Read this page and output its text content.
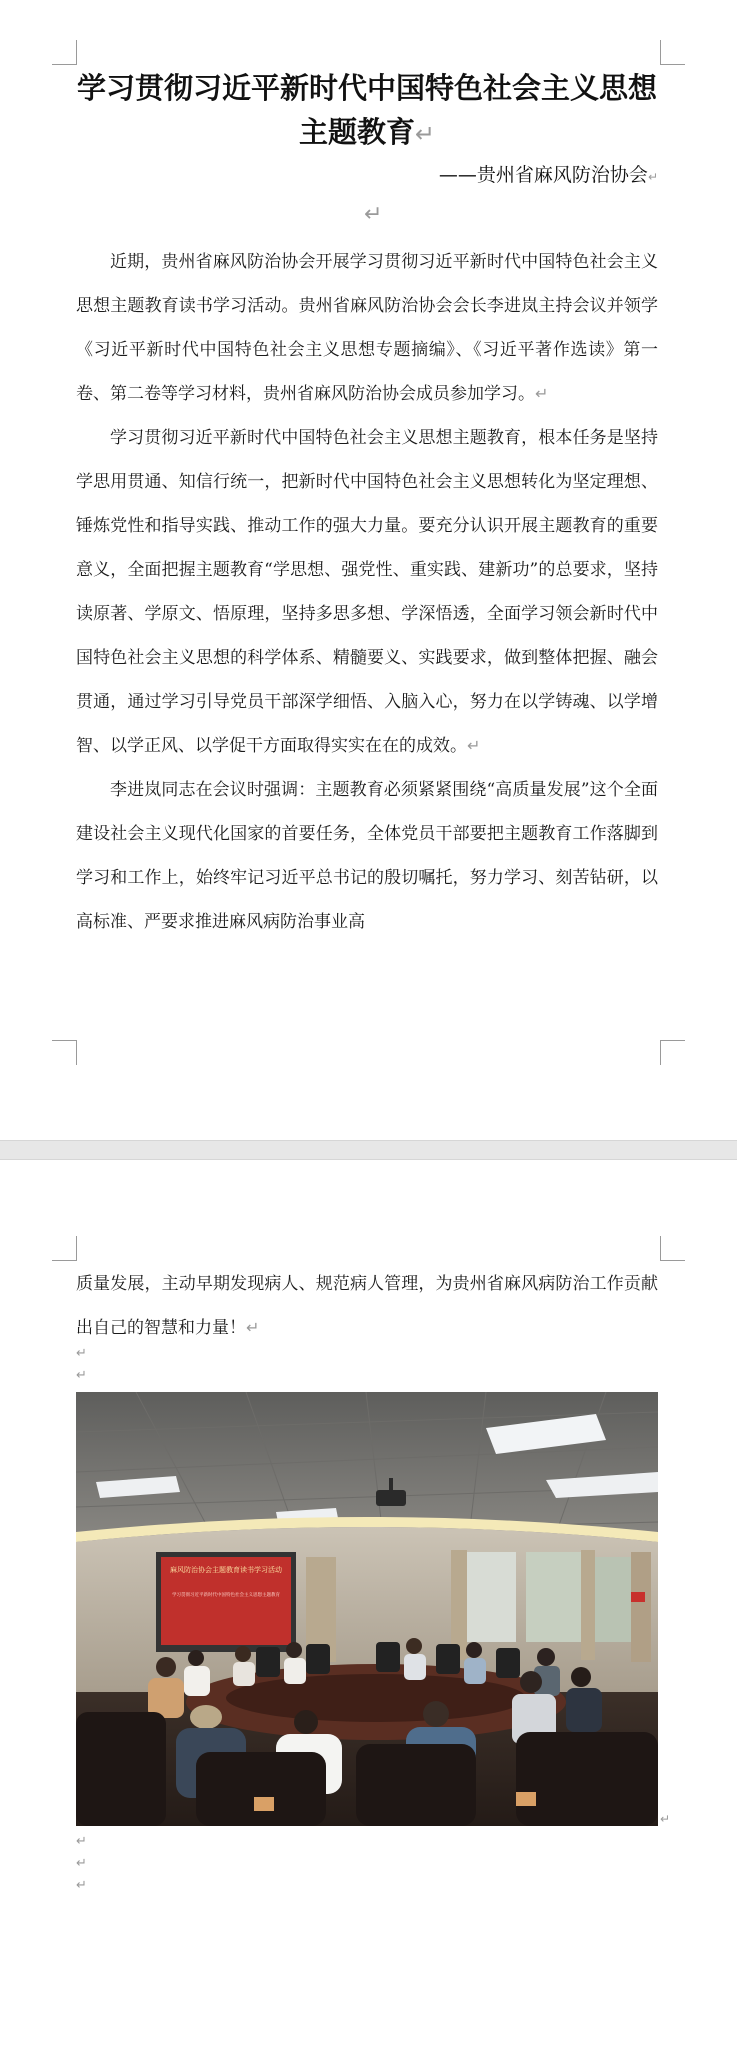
学习贯彻习近平新时代中国特色社会主义思想主题教育↵
——贵州省麻风防治协会↵
↵

近期，贵州省麻风防治协会开展学习贯彻习近平新时代中国特色社会主义思想主题教育读书学习活动。贵州省麻风防治协会会长李进岚主持会议并领学《习近平新时代中国特色社会主义思想专题摘编》、《习近平著作选读》第一卷、第二卷等学习材料，贵州省麻风防治协会成员参加学习。↵

学习贯彻习近平新时代中国特色社会主义思想主题教育，根本任务是坚持学思用贯通、知信行统一，把新时代中国特色社会主义思想转化为坚定理想、锤炼党性和指导实践、推动工作的强大力量。要充分认识开展主题教育的重要意义，全面把握主题教育“学思想、强党性、重实践、建新功”的总要求，坚持读原著、学原文、悟原理，坚持多思多想、学深悟透，全面学习领会新时代中国特色社会主义思想的科学体系、精髓要义、实践要求，做到整体把握、融会贯通，通过学习引导党员干部深学细悟、入脑入心，努力在以学铸魂、以学增智、以学正风、以学促干方面取得实实在在的成效。↵

李进岚同志在会议时强调：主题教育必须紧紧围绕“高质量发展”这个全面建设社会主义现代化国家的首要任务，全体党员干部要把主题教育工作落脚到学习和工作上，始终牢记习近平总书记的殷切嘱托，努力学习、刻苦钻研，以高标准、严要求推进麻风病防治事业高

质量发展，主动早期发现病人、规范病人管理，为贵州省麻风病防治工作贡献出自己的智慧和力量！↵

↵
↵
麻风防治协会主题教育读书学习活动
学习贯彻习近平新时代中国特色社会主义思想主题教育
↵
↵
↵
↵
